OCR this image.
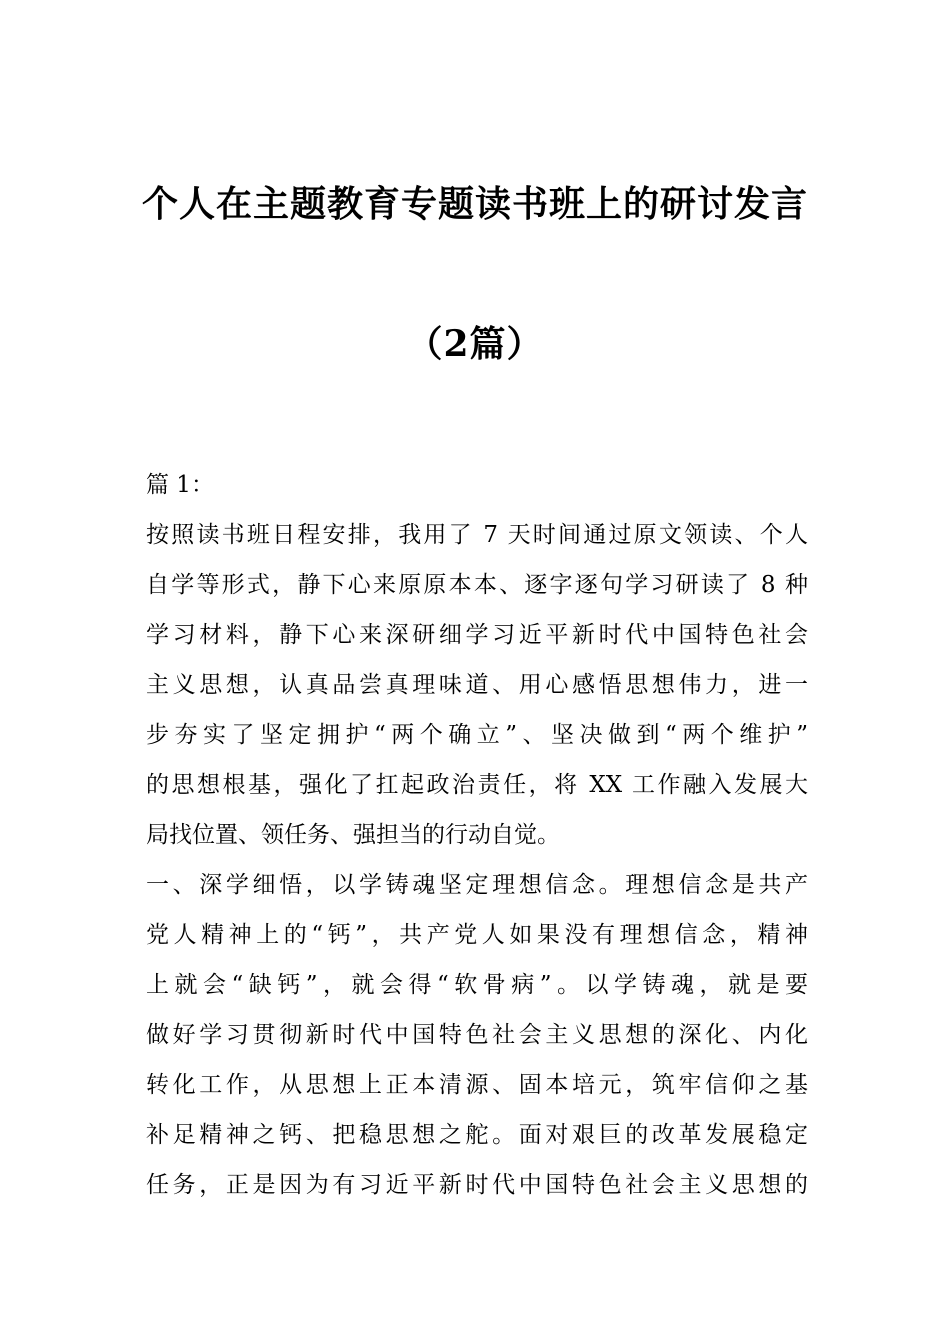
个人在主题教育专题读书班上的研讨发言
（2篇）
篇 1：
按照读书班日程安排，我用了 7 天时间通过原文领读、个人
自学等形式，静下心来原原本本、逐字逐句学习研读了 8 种
学习材料，静下心来深研细学习近平新时代中国特色社会
主义思想，认真品尝真理味道、用心感悟思想伟力，进一
步夯实了坚定拥护“两个确立”、坚决做到“两个维护”
的思想根基，强化了扛起政治责任，将 XX 工作融入发展大
局找位置、领任务、强担当的行动自觉。
一、深学细悟，以学铸魂坚定理想信念。理想信念是共产
党人精神上的“钙”，共产党人如果没有理想信念，精神
上就会“缺钙”，就会得“软骨病”。以学铸魂，就是要
做好学习贯彻新时代中国特色社会主义思想的深化、内化
转化工作，从思想上正本清源、固本培元，筑牢信仰之基
补足精神之钙、把稳思想之舵。面对艰巨的改革发展稳定
任务，正是因为有习近平新时代中国特色社会主义思想的
